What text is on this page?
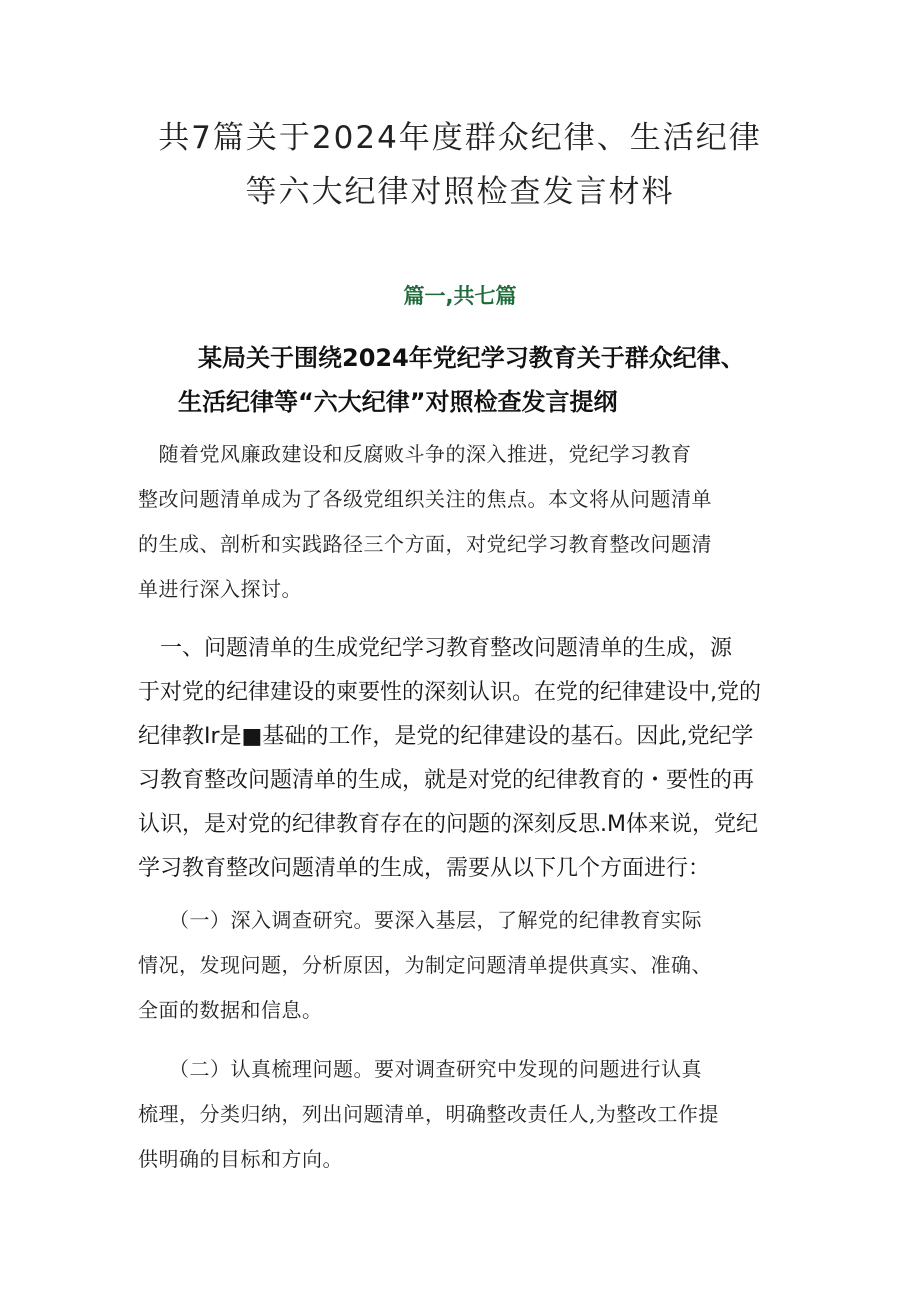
共7篇关于2024年度群众纪律、生活纪律
等六大纪律对照检查发言材料
篇一,共七篇
某局关于围绕2024年党纪学习教育关于群众纪律、
生活纪律等“六大纪律”对照检查发言提纲

　随着党风廉政建设和反腐败斗争的深入推进，党纪学习教育
整改问题清单成为了各级党组织关注的焦点。本文将从问题清单
的生成、剖析和实践路径三个方面，对党纪学习教育整改问题清
单进行深入探讨。

　一、问题清单的生成党纪学习教育整改问题清单的生成，源
于对党的纪律建设的柬要性的深刻认识。在党的纪律建设中,党的
纪律教Ir是■基础的工作，是党的纪律建设的基石。因此,党纪学
习教育整改问题清单的生成，就是对党的纪律教育的・要性的再
认识，是对党的纪律教育存在的问题的深刻反思.M体来说，党纪
学习教育整改问题清单的生成，需要从以下几个方面进行：

　　（一）深入调查研究。要深入基层，了解党的纪律教育实际
情况，发现问题，分析原因，为制定问题清单提供真实、准确、
全面的数据和信息。

　　（二）认真梳理问题。要对调查研究中发现的问题进行认真
梳理，分类归纳，列出问题清单，明确整改责任人,为整改工作提
供明确的目标和方向。
